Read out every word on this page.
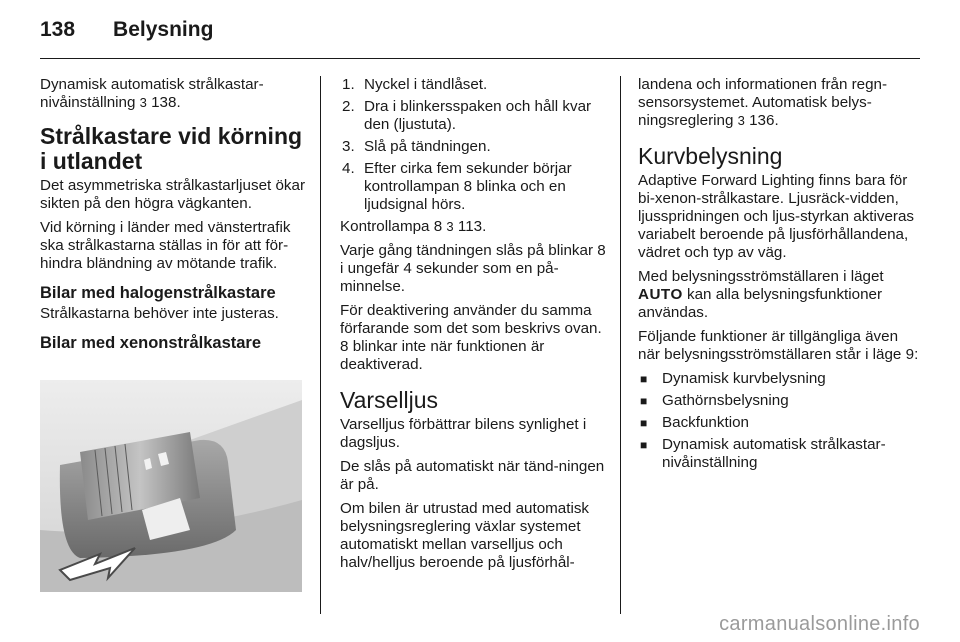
138 Belysning

Dynamisk automatisk strålkastar-nivåinställning 3 138.

Strålkastare vid körning i utlandet

Det asymmetriska strålkastarljuset ökar sikten på den högra vägkanten.

Vid körning i länder med vänstertrafik ska strålkastarna ställas in för att för-hindra bländning av mötande trafik.

Bilar med halogenstrålkastare

Strålkastarna behöver inte justeras.

Bilar med xenonstrålkastare
1. Nyckel i tändlåset.
2. Dra i blinkersspaken och håll kvar den (ljustuta).
3. Slå på tändningen.
4. Efter cirka fem sekunder börjar kontrollampan 8 blinka och en ljudsignal hörs.

Kontrollampa 8 3 113.

Varje gång tändningen slås på blinkar 8 i ungefär 4 sekunder som en på-minnelse.

För deaktivering använder du samma förfarande som det som beskrivs ovan. 8 blinkar inte när funktionen är deaktiverad.

Varselljus

Varselljus förbättrar bilens synlighet i dagsljus.

De slås på automatiskt när tänd-ningen är på.

Om bilen är utrustad med automatisk belysningsreglering växlar systemet automatiskt mellan varselljus och halv/helljus beroende på ljusförhål-

landena och informationen från regn-sensorsystemet. Automatisk belys-ningsreglering 3 136.

Kurvbelysning

Adaptive Forward Lighting finns bara för bi-xenon-strålkastare. Ljusräck-vidden, ljusspridningen och ljus-styrkan aktiveras variabelt beroende på ljusförhållandena, vädret och typ av väg.

Med belysningsströmställaren i läget AUTO kan alla belysningsfunktioner användas.

Följande funktioner är tillgängliga även när belysningsströmställaren står i läge 9:

■ Dynamisk kurvbelysning
■ Gathörnsbelysning
■ Backfunktion
■ Dynamisk automatisk strålkastar-nivåinställning
carmanualsonline.info
